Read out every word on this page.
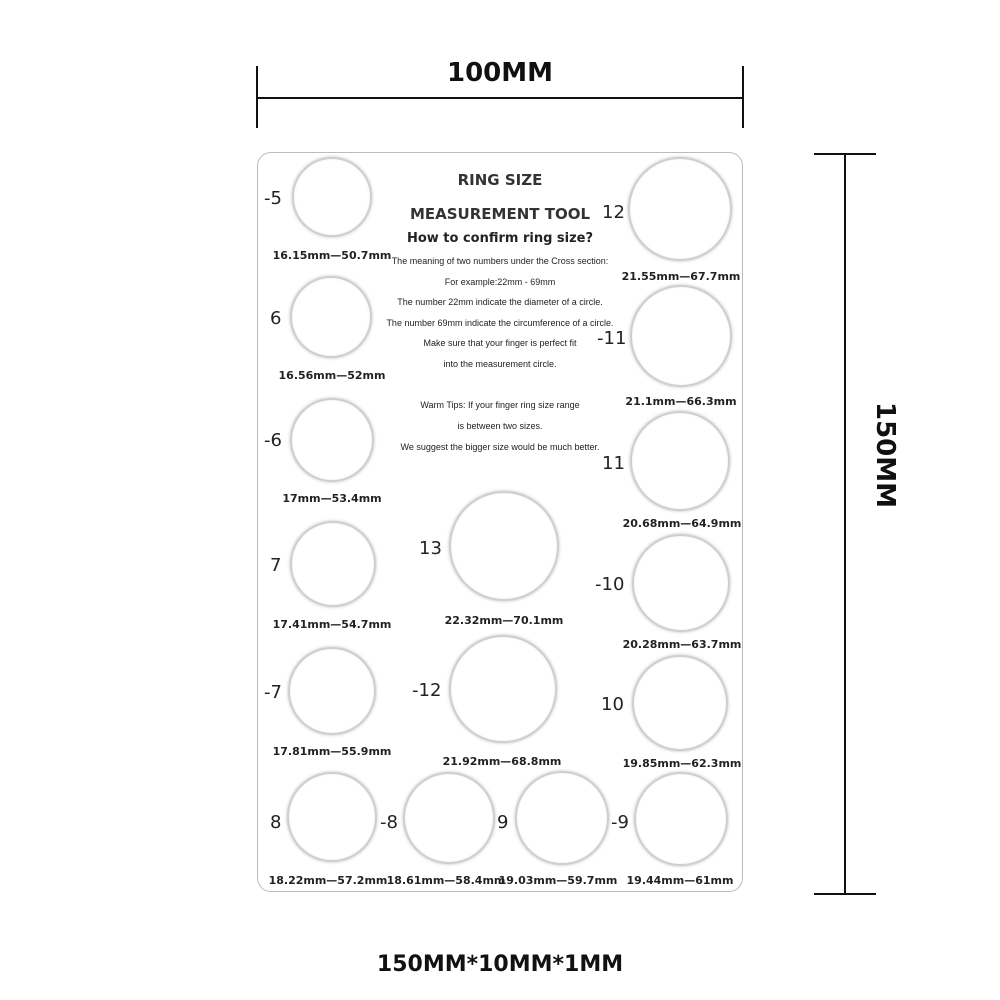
100MM
150MM
150MM*10MM*1MM
RING SIZE
MEASUREMENT TOOL
How to confirm ring size?
The meaning of two numbers under the Cross section:
For example:22mm - 69mm
The number 22mm indicate the diameter of a circle.
The number 69mm indicate the circumference of a circle.
Make sure that your finger is perfect fit
into the measurement circle.
Warm Tips: If your finger ring size range
is between two sizes.
We suggest the bigger size would be much better.
-5
16.15mm—50.7mm
6
16.56mm—52mm
-6
17mm—53.4mm
7
17.41mm—54.7mm
-7
17.81mm—55.9mm
8
18.22mm—57.2mm
-8
18.61mm—58.4mm
9
19.03mm—59.7mm
-9
19.44mm—61mm
10
19.85mm—62.3mm
-10
20.28mm—63.7mm
11
20.68mm—64.9mm
-11
21.1mm—66.3mm
12
21.55mm—67.7mm
13
22.32mm—70.1mm
-12
21.92mm—68.8mm
